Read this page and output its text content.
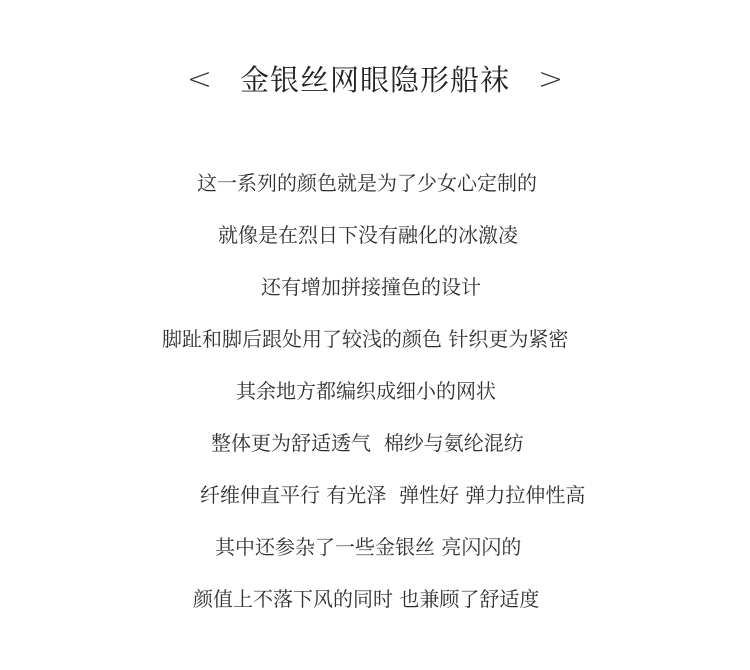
< 金银丝网眼隐形船袜 >
这一系列的颜色就是为了少女心定制的
就像是在烈日下没有融化的冰激凌
还有增加拼接撞色的设计
脚趾和脚后跟处用了较浅的颜色 针织更为紧密
其余地方都编织成细小的网状
整体更为舒适透气  棉纱与氨纶混纺
纤维伸直平行 有光泽  弹性好 弹力拉伸性高
其中还参杂了一些金银丝 亮闪闪的
颜值上不落下风的同时 也兼顾了舒适度
